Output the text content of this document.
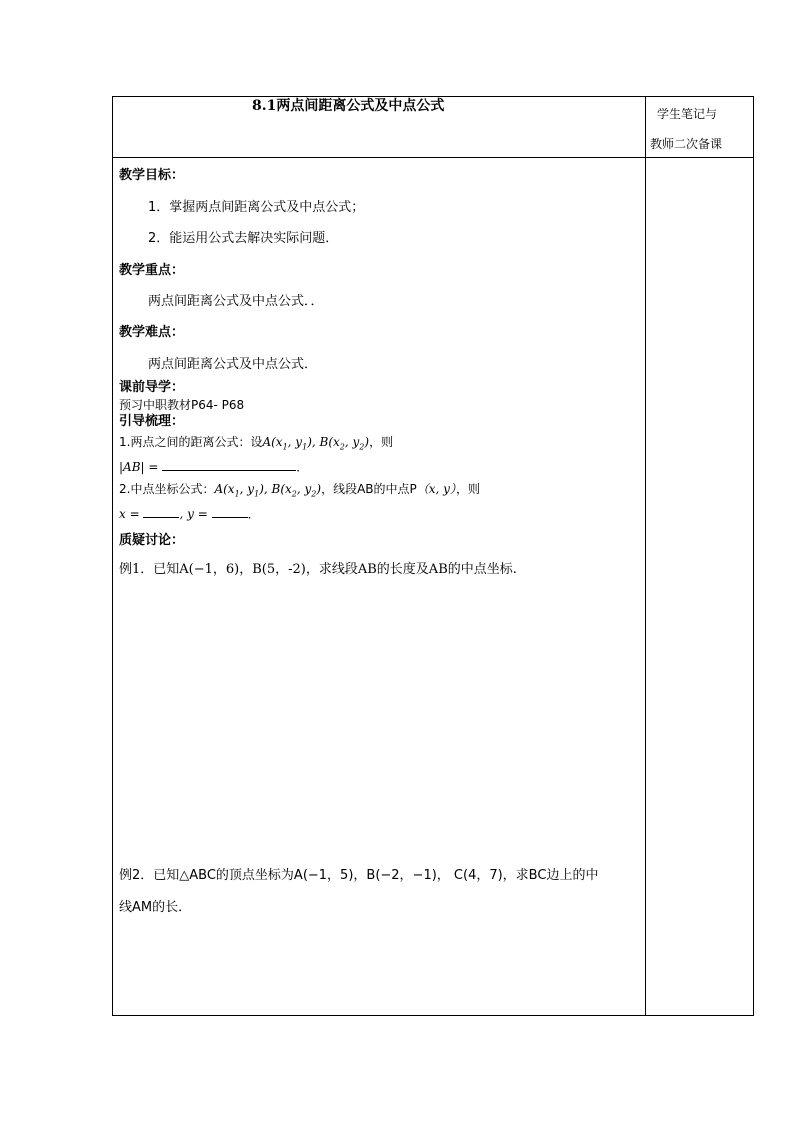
8.1两点间距离公式及中点公式	学生笔记与
教师二次备课
教学目标：
1．掌握两点间距离公式及中点公式；
2．能运用公式去解决实际问题．
教学重点：
两点间距离公式及中点公式．．
教学难点：
两点间距离公式及中点公式．
课前导学：
预习中职教材P64- P68
引导梳理：
1.两点之间的距离公式：设$A(x_1$, $y_1$), $B(x_2$, $y_2$)，则
|AB| =	．
2.中点坐标公式：$A(x_1$, $y_1$), $B(x_2$, $y_2$)，线段AB的中点P（x, y），则
x =	, y =	．
质疑讨论：
例1．已知A(−1，6)，B(5，-2)，求线段AB的长度及AB的中点坐标.
例2．已知△ABC的顶点坐标为A(−1，5)，B(−2，−1)， C(4，7)，求BC边上的中
线AM的长．
